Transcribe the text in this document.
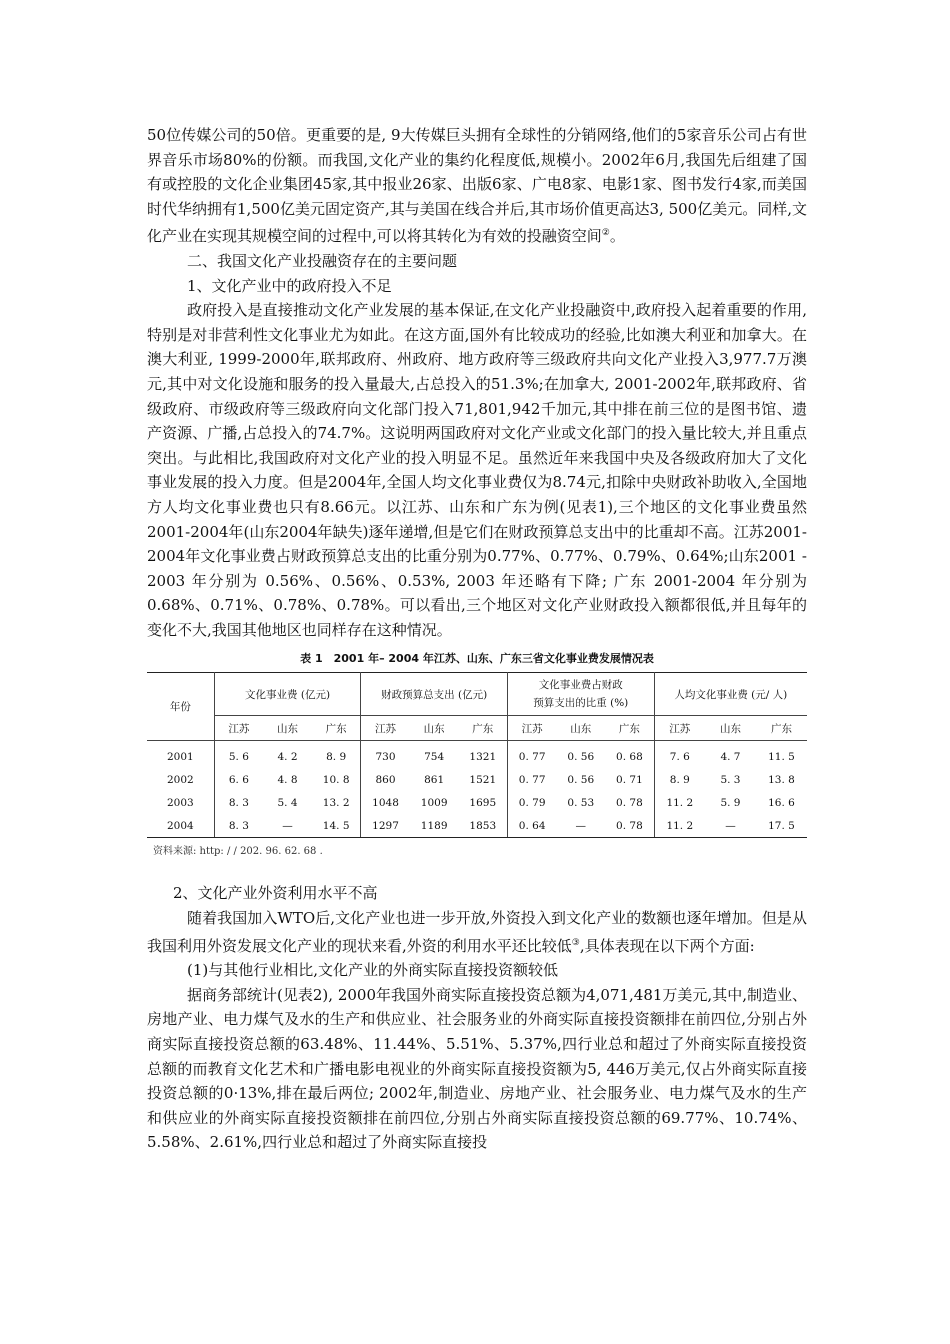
50位传媒公司的50倍。更重要的是, 9大传媒巨头拥有全球性的分销网络,他们的5家音乐公司占有世界音乐市场80%的份额。而我国,文化产业的集约化程度低,规模小。2002年6月,我国先后组建了国有或控股的文化企业集团45家,其中报业26家、出版6家、广电8家、电影1家、图书发行4家,而美国时代华纳拥有1,500亿美元固定资产,其与美国在线合并后,其市场价值更高达3, 500亿美元。同样,文化产业在实现其规模空间的过程中,可以将其转化为有效的投融资空间②。

二、我国文化产业投融资存在的主要问题

1、文化产业中的政府投入不足

政府投入是直接推动文化产业发展的基本保证,在文化产业投融资中,政府投入起着重要的作用,特别是对非营利性文化事业尤为如此。在这方面,国外有比较成功的经验,比如澳大利亚和加拿大。在澳大利亚, 1999-2000年,联邦政府、州政府、地方政府等三级政府共向文化产业投入3,977.7万澳元,其中对文化设施和服务的投入量最大,占总投入的51.3%;在加拿大, 2001-2002年,联邦政府、省级政府、市级政府等三级政府向文化部门投入71,801,942千加元,其中排在前三位的是图书馆、遗产资源、广播,占总投入的74.7%。这说明两国政府对文化产业或文化部门的投入量比较大,并且重点突出。与此相比,我国政府对文化产业的投入明显不足。虽然近年来我国中央及各级政府加大了文化事业发展的投入力度。但是2004年,全国人均文化事业费仅为8.74元,扣除中央财政补助收入,全国地方人均文化事业费也只有8.66元。以江苏、山东和广东为例(见表1),三个地区的文化事业费虽然2001-2004年(山东2004年缺失)逐年递增,但是它们在财政预算总支出中的比重却不高。江苏2001-2004年文化事业费占财政预算总支出的比重分别为0.77%、0.77%、0.79%、0.64%;山东2001 - 2003 年分别为 0.56%、0.56%、0.53%, 2003 年还略有下降; 广东 2001-2004 年分别为0.68%、0.71%、0.78%、0.78%。可以看出,三个地区对文化产业财政投入额都很低,并且每年的变化不大,我国其他地区也同样存在这种情况。

表 1　2001 年– 2004 年江苏、山东、广东三省文化事业费发展情况表
年份	文化事业费 (亿元)			财政预算总支出 (亿元)			文化事业费占财政
预算支出的比重 (%)			人均文化事业费 (元/ 人)		
	江苏	山东	广东	江苏	山东	广东	江苏	山东	广东	江苏	山东	广东
2001	5. 6	4. 2	8. 9	730	754	1321	0. 77	0. 56	0. 68	7. 6	4. 7	11. 5
2002	6. 6	4. 8	10. 8	860	861	1521	0. 77	0. 56	0. 71	8. 9	5. 3	13. 8
2003	8. 3	5. 4	13. 2	1048	1009	1695	0. 79	0. 53	0. 78	11. 2	5. 9	16. 6
2004	8. 3	—	14. 5	1297	1189	1853	0. 64	—	0. 78	11. 2	—	17. 5
资料来源: http: / / 202. 96. 62. 68 .

2、文化产业外资利用水平不高

随着我国加入WTO后,文化产业也进一步开放,外资投入到文化产业的数额也逐年增加。但是从我国利用外资发展文化产业的现状来看,外资的利用水平还比较低③,具体表现在以下两个方面:

(1)与其他行业相比,文化产业的外商实际直接投资额较低

据商务部统计(见表2), 2000年我国外商实际直接投资总额为4,071,481万美元,其中,制造业、房地产业、电力煤气及水的生产和供应业、社会服务业的外商实际直接投资额排在前四位,分别占外商实际直接投资总额的63.48%、11.44%、5.51%、5.37%,四行业总和超过了外商实际直接投资总额的而教育文化艺术和广播电影电视业的外商实际直接投资额为5, 446万美元,仅占外商实际直接投资总额的0·13%,排在最后两位; 2002年,制造业、房地产业、社会服务业、电力煤气及水的生产和供应业的外商实际直接投资额排在前四位,分别占外商实际直接投资总额的69.77%、10.74%、5.58%、2.61%,四行业总和超过了外商实际直接投
